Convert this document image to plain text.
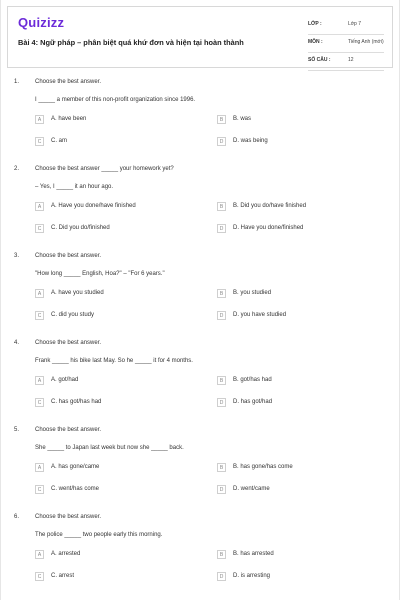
Quizizz
Bài 4: Ngữ pháp – phân biệt quá khứ đơn và hiện tại hoàn thành
LỚP :	Lớp 7
MÔN :	Tiếng Anh (mới)
SỐ CÂU :	12
1.	Choose the best answer.
I _____ a member of this non-profit organization since 1996.
A	A. have been	B	B. was
C	C. am	D	D. was being
2.	Choose the best answer _____ your homework yet?
– Yes, I _____ it an hour ago.
A	A. Have you done/have finished	B	B. Did you do/have finished
C	C. Did you do/finished	D	D. Have you done/finished
3.	Choose the best answer.
"How long _____ English, Hoa?" – "For 6 years."
A	A. have you studied	B	B. you studied
C	C. did you study	D	D. you have studied
4.	Choose the best answer.
Frank _____ his bike last May. So he _____ it for 4 months.
A	A. got/had	B	B. got/has had
C	C. has got/has had	D	D. has got/had
5.	Choose the best answer.
She _____ to Japan last week but now she _____ back.
A	A. has gone/came	B	B. has gone/has come
C	C. went/has come	D	D. went/came
6.	Choose the best answer.
The police _____ two people early this morning.
A	A. arrested	B	B. has arrested
C	C. arrest	D	D. is arresting
